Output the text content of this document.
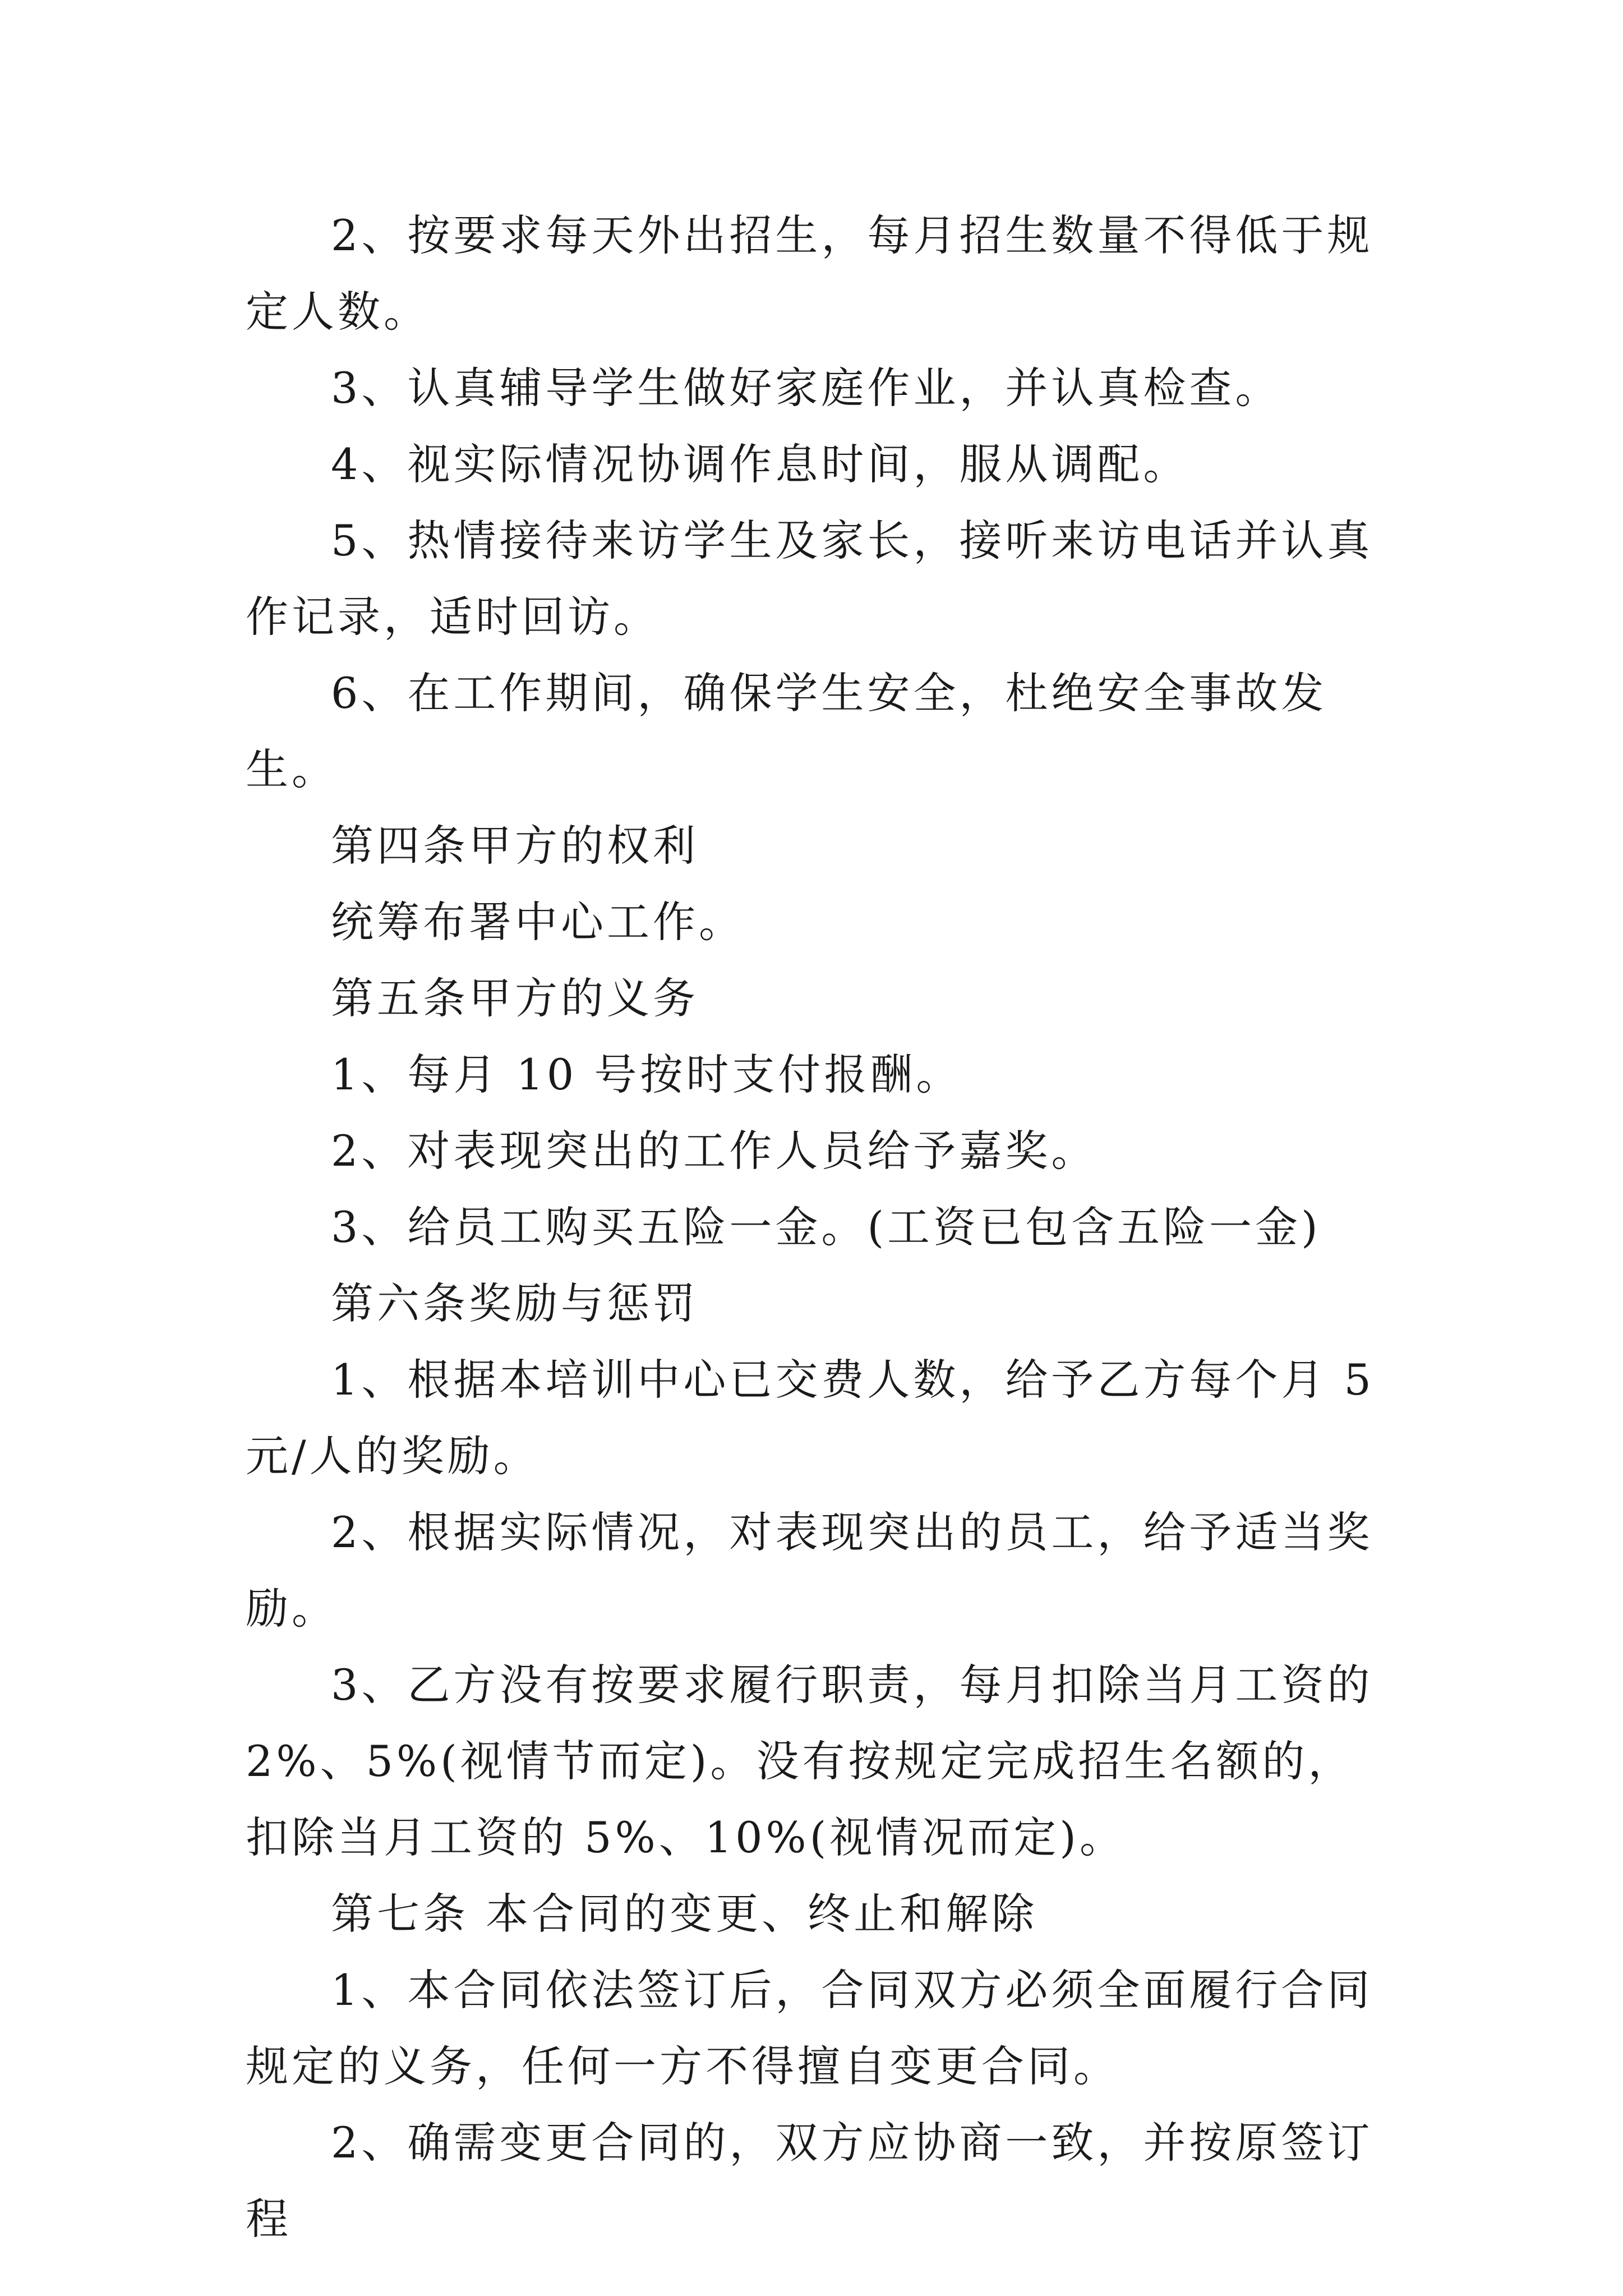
2、按要求每天外出招生，每月招生数量不得低于规定人数。

3、认真辅导学生做好家庭作业，并认真检查。

4、视实际情况协调作息时间，服从调配。

5、热情接待来访学生及家长，接听来访电话并认真作记录，适时回访。

6、在工作期间，确保学生安全，杜绝安全事故发生。

第四条甲方的权利

统筹布署中心工作。

第五条甲方的义务

1、每月 10 号按时支付报酬。

2、对表现突出的工作人员给予嘉奖。

3、给员工购买五险一金。(工资已包含五险一金)

第六条奖励与惩罚

1、根据本培训中心已交费人数，给予乙方每个月 5 元/人的奖励。

2、根据实际情况，对表现突出的员工，给予适当奖励。

3、乙方没有按要求履行职责，每月扣除当月工资的 2%、5%(视情节而定)。没有按规定完成招生名额的，扣除当月工资的 5%、10%(视情况而定)。

第七条 本合同的变更、终止和解除

1、本合同依法签订后，合同双方必须全面履行合同规定的义务，任何一方不得擅自变更合同。

2、确需变更合同的，双方应协商一致，并按原签订程
